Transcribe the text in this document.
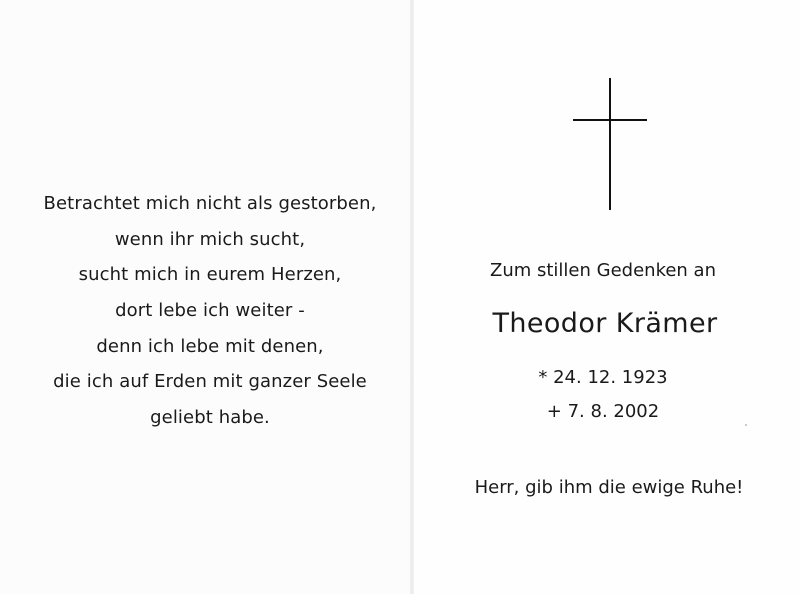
Betrachtet mich nicht als gestorben,
wenn ihr mich sucht,
sucht mich in eurem Herzen,
dort lebe ich weiter -
denn ich lebe mit denen,
die ich auf Erden mit ganzer Seele
geliebt habe.
Zum stillen Gedenken an
Theodor Krämer
* 24. 12. 1923
+ 7. 8. 2002
Herr, gib ihm die ewige Ruhe!
